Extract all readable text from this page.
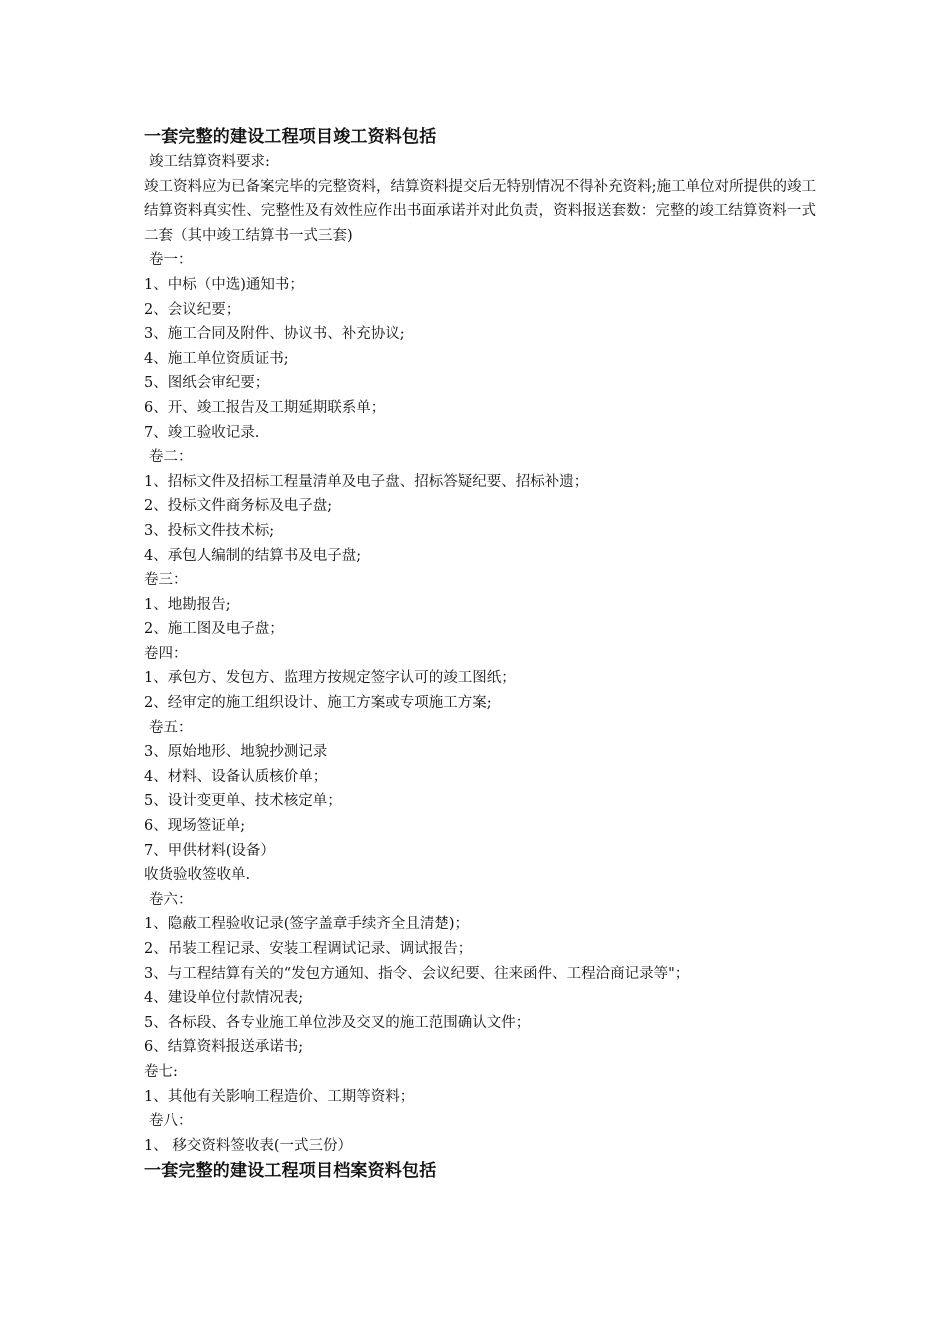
一套完整的建设工程项目竣工资料包括

竣工结算资料要求:

竣工资料应为已备案完毕的完整资料，结算资料提交后无特别情况不得补充资料;施工单位对所提供的竣工结算资料真实性、完整性及有效性应作出书面承诺并对此负责，资料报送套数：完整的竣工结算资料一式二套（其中竣工结算书一式三套)

卷一：

1、中标（中选)通知书；

2、会议纪要；

3、施工合同及附件、协议书、补充协议;

4、施工单位资质证书;

5、图纸会审纪要；

6、开、竣工报告及工期延期联系单；

7、竣工验收记录.

卷二：

1、招标文件及招标工程量清单及电子盘、招标答疑纪要、招标补遗；

2、投标文件商务标及电子盘;

3、投标文件技术标;

4、承包人编制的结算书及电子盘;

卷三：

1、地勘报告;

2、施工图及电子盘；

卷四：

1、承包方、发包方、监理方按规定签字认可的竣工图纸；

2、经审定的施工组织设计、施工方案或专项施工方案;

卷五：

3、原始地形、地貌抄测记录

4、材料、设备认质核价单；

5、设计变更单、技术核定单；

6、现场签证单;

7、甲供材料(设备）

收货验收签收单.

卷六：

1、隐蔽工程验收记录(签字盖章手续齐全且清楚)；

2、吊装工程记录、安装工程调试记录、调试报告；

3、与工程结算有关的“发包方通知、指令、会议纪要、往来函件、工程洽商记录等"；

4、建设单位付款情况表;

5、各标段、各专业施工单位涉及交叉的施工范围确认文件；

6、结算资料报送承诺书;

卷七:

1、其他有关影响工程造价、工期等资料；

卷八：

1、 移交资料签收表(一式三份）

一套完整的建设工程项目档案资料包括
